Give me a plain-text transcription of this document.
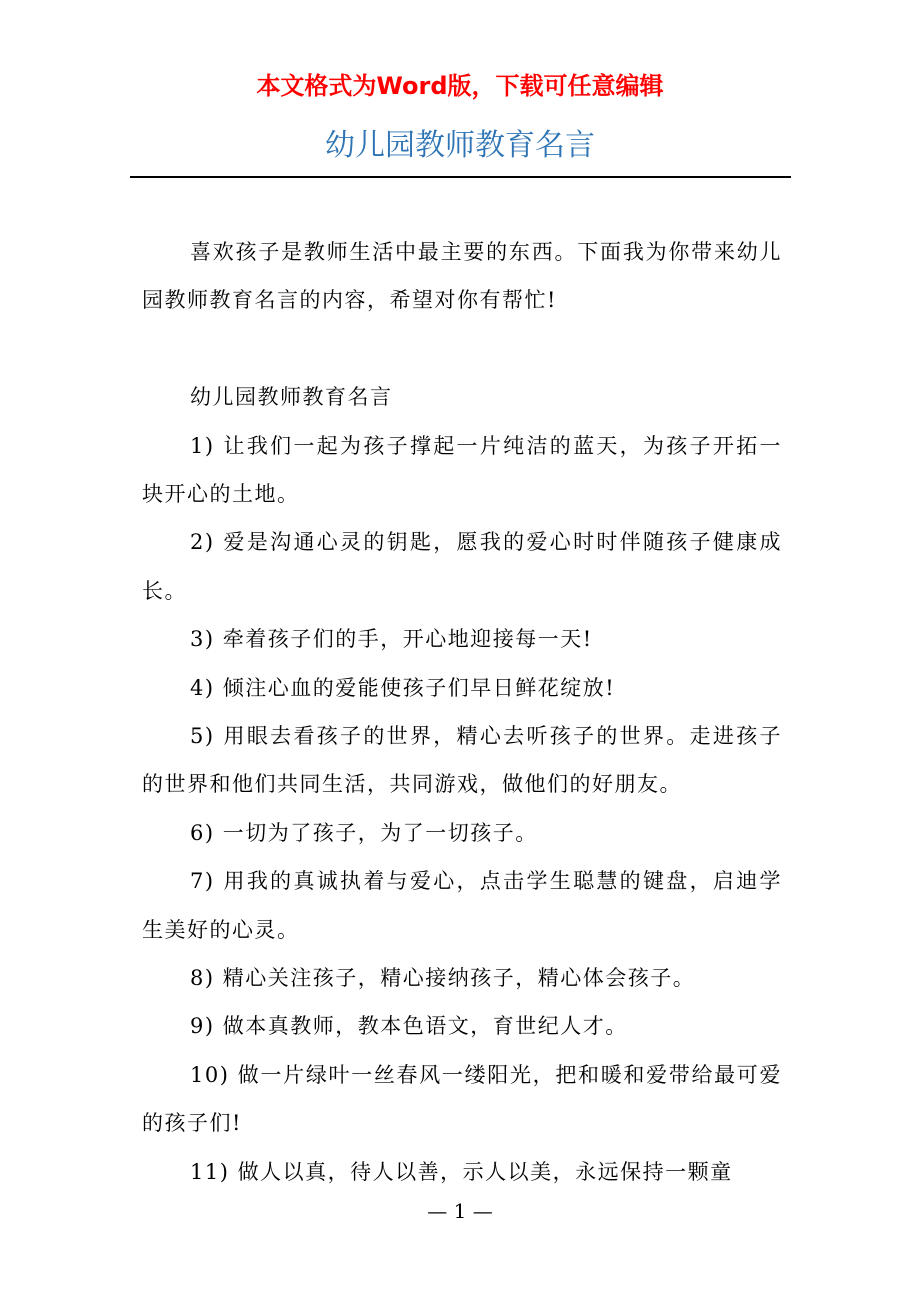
本文格式为Word版，下载可任意编辑
幼儿园教师教育名言

喜欢孩子是教师生活中最主要的东西。下面我为你带来幼儿园教师教育名言的内容，希望对你有帮忙!

幼儿园教师教育名言

1) 让我们一起为孩子撑起一片纯洁的蓝天，为孩子开拓一块开心的土地。

2) 爱是沟通心灵的钥匙，愿我的爱心时时伴随孩子健康成长。

3) 牵着孩子们的手，开心地迎接每一天!

4) 倾注心血的爱能使孩子们早日鲜花绽放!

5) 用眼去看孩子的世界，精心去听孩子的世界。走进孩子的世界和他们共同生活，共同游戏，做他们的好朋友。

6) 一切为了孩子，为了一切孩子。

7) 用我的真诚执着与爱心，点击学生聪慧的键盘，启迪学生美好的心灵。

8) 精心关注孩子，精心接纳孩子，精心体会孩子。

9) 做本真教师，教本色语文，育世纪人才。

10) 做一片绿叶一丝春风一缕阳光，把和暖和爱带给最可爱的孩子们!

11) 做人以真，待人以善，示人以美，永远保持一颗童

— 1 —
